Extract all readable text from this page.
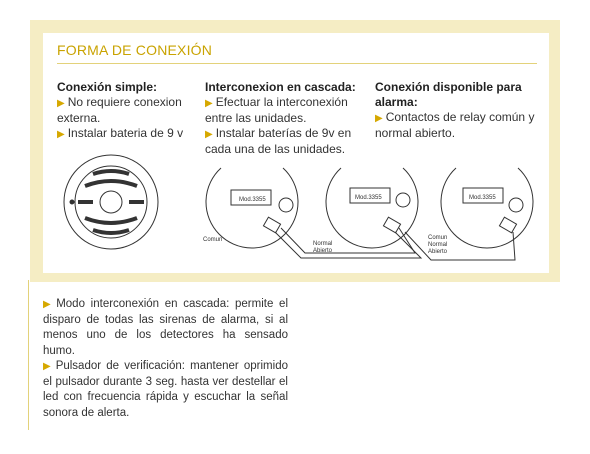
FORMA DE CONEXIÓN
Conexión simple:
▶ No requiere conexion externa.
▶ Instalar bateria de 9 v
Interconexion en cascada:
▶ Efectuar la interconexión entre las unidades.
▶ Instalar baterías de 9v en cada una de las unidades.
Conexión disponible para alarma:
▶ Contactos de relay común y normal abierto.
Mod.3355	Mod.3355	Mod.3355
Comun
Normal
Abierto
Comun
Normal
Abierto

▶ Modo interconexión en cascada: permite el disparo de todas las sirenas de alarma, si al menos uno de los detectores ha sensado humo.

▶ Pulsador de verificación: mantener oprimido el pulsador durante 3 seg. hasta ver destellar el led con frecuencia rápida y escuchar la señal sonora de alerta.
